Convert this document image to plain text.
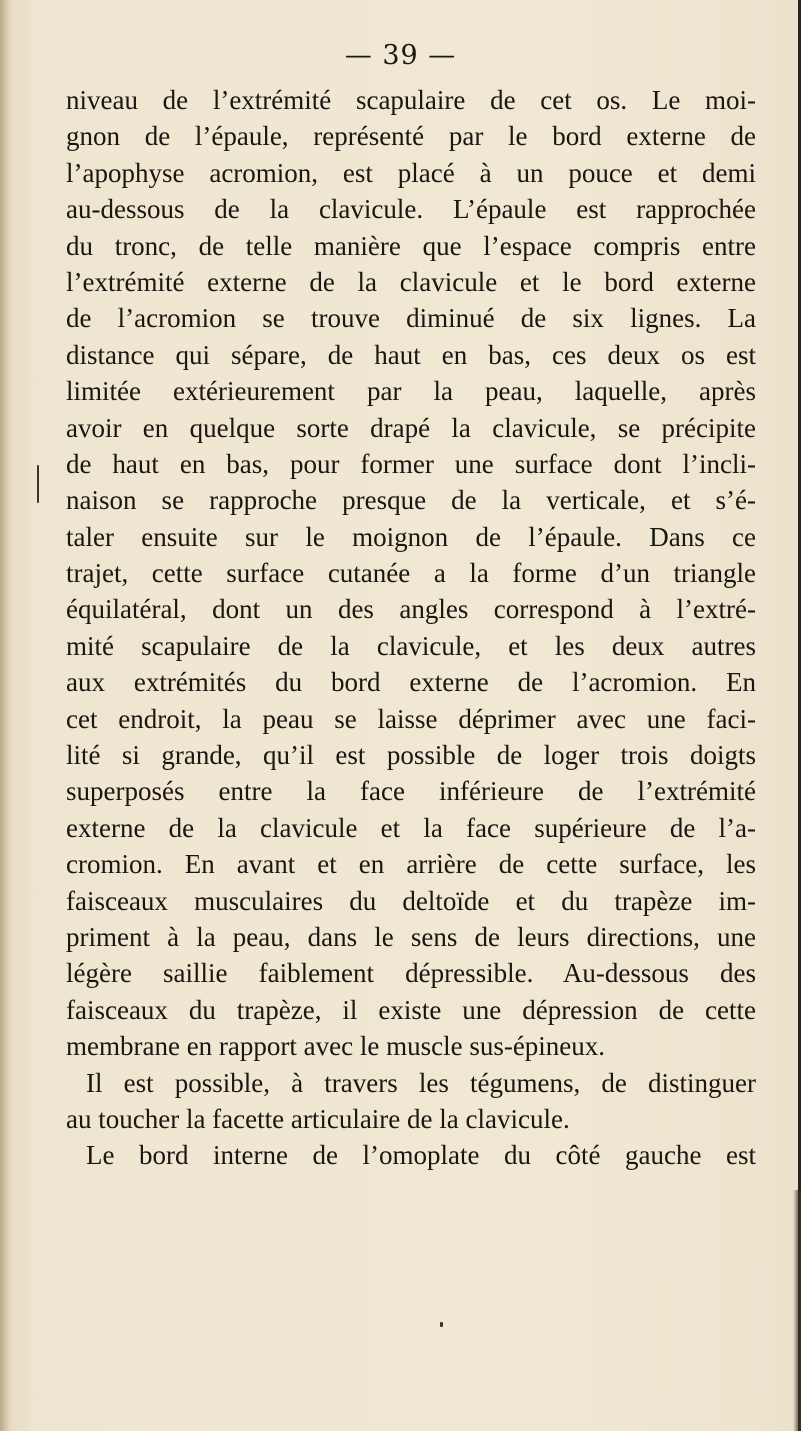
— 39 —
niveau de l’extrémité scapulaire de cet os. Le moi-
gnon de l’épaule, représenté par le bord externe de
l’apophyse acromion, est placé à un pouce et demi
au-dessous de la clavicule. L’épaule est rapprochée
du tronc, de telle manière que l’espace compris entre
l’extrémité externe de la clavicule et le bord externe
de l’acromion se trouve diminué de six lignes. La
distance qui sépare, de haut en bas, ces deux os est
limitée extérieurement par la peau, laquelle, après
avoir en quelque sorte drapé la clavicule, se précipite
de haut en bas, pour former une surface dont l’incli-
naison se rapproche presque de la verticale, et s’é-
taler ensuite sur le moignon de l’épaule. Dans ce
trajet, cette surface cutanée a la forme d’un triangle
équilatéral, dont un des angles correspond à l’extré-
mité scapulaire de la clavicule, et les deux autres
aux extrémités du bord externe de l’acromion. En
cet endroit, la peau se laisse déprimer avec une faci-
lité si grande, qu’il est possible de loger trois doigts
superposés entre la face inférieure de l’extrémité
externe de la clavicule et la face supérieure de l’a-
cromion. En avant et en arrière de cette surface, les
faisceaux musculaires du deltoïde et du trapèze im-
priment à la peau, dans le sens de leurs directions, une
légère saillie faiblement dépressible. Au-dessous des
faisceaux du trapèze, il existe une dépression de cette
membrane en rapport avec le muscle sus-épineux.
Il est possible, à travers les tégumens, de distinguer
au toucher la facette articulaire de la clavicule.
Le bord interne de l’omoplate du côté gauche est
